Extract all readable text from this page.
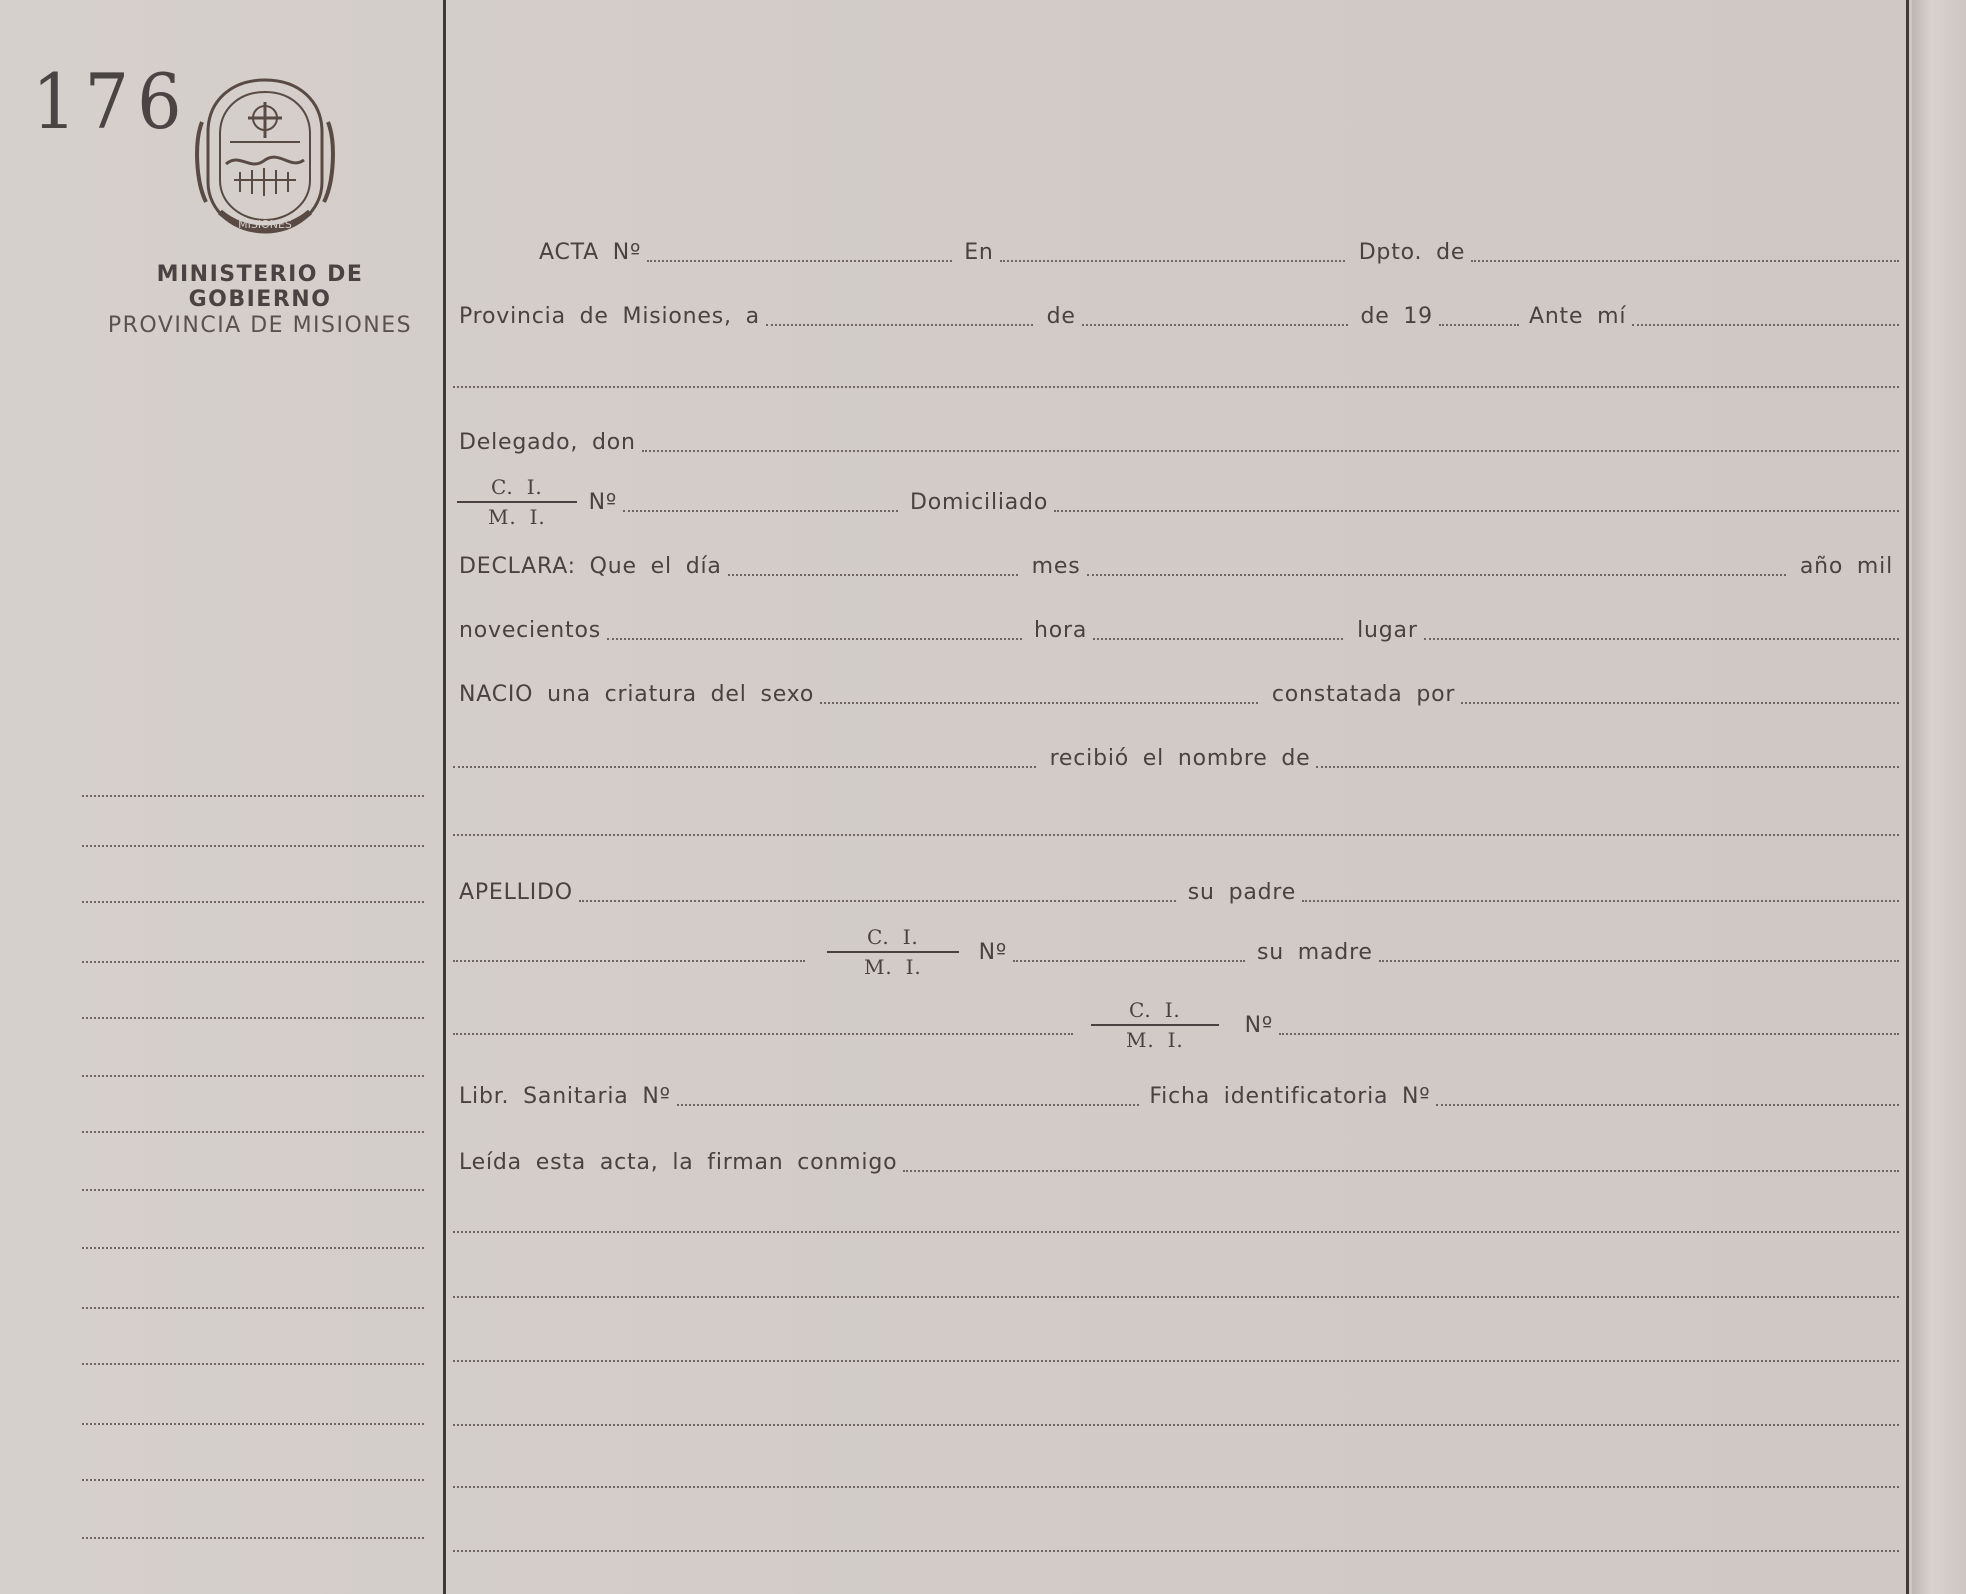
176
MISIONES
MINISTERIO DE GOBIERNO
PROVINCIA DE MISIONES
ACTA Nº	En	Dpto. de
Provincia de Misiones, a	de	de 19	Ante mí
Delegado, don
$\frac{C. I.}{M. I.}$ Nº	Domiciliado
DECLARA: Que el día	mes	año mil
novecientos	hora	lugar
NACIO una criatura del sexo	constatada por
recibió el nombre de
APELLIDO	su padre
$\frac{C. I.}{M. I.}$ Nº	su madre
$\frac{C. I.}{M. I.}$	Nº
Libr. Sanitaria Nº	Ficha identificatoria Nº
Leída esta acta, la firman conmigo
